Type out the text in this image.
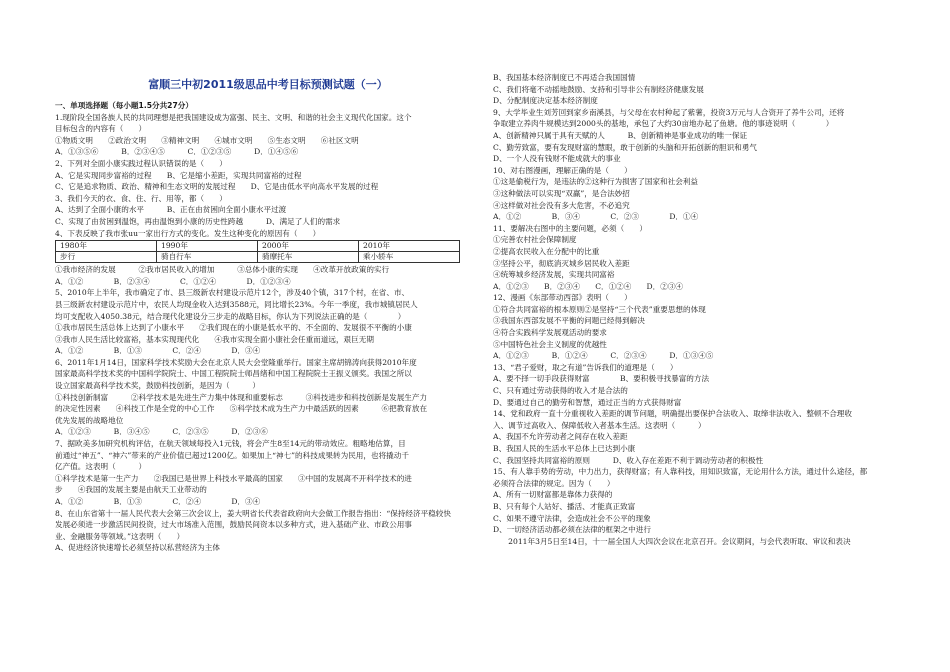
富顺三中初2011级思品中考目标预测试题（一）
一、单项选择题（每小题1.5分共27分）
1.现阶段全国各族人民的共同理想是把我国建设成为富强、民主、文明、和谐的社会主义现代化国家。这个
目标包含的内容有（　　）
①物质文明　　②政治文明　　③精神文明　　④城市文明　　⑤生态文明　　⑥社区文明
A．①③⑤⑥　　　B．②③④⑤　　　C．①②③⑤　　　D．①④⑤⑥
2、下列对全面小康实践过程认识错误的是（　　）
A、它是实现同步富裕的过程　　B、它是缩小差距，实现共同富裕的过程
C、它是追求物质、政治、精神和生态文明的发展过程　　D、它是由低水平向高水平发展的过程
3、我们今天的衣、食、住、行、用等，都（　　）
A、达到了全面小康的水平　　　B、正在由贫困向全面小康水平过渡
C、实现了由贫困到温饱，再由温饱到小康的历史性跨越　　　D、满足了人们的需求
4、下表反映了我市张uu一家出行方式的变化。发生这种变化的原因有（　　）
1980年	1990年	2000年	2010年
步行	骑自行车	骑摩托车	乘小轿车
①我市经济的发展　　　②我市居民收入的增加　　　③总体小康的实现　　④改革开放政策的实行
A．①②　　　　B．②③④　　　　C．①②④　　　　D．①②③④
5、2010年上半年，我市确定了市、县三级新农村建设示范片12个，涉及40个镇，317个村，在省、市、
县三级新农村建设示范片中，农民人均现金收入达到3588元，同比增长23%。今年一季度，我市城镇居民人
均可支配收入4050.38元，结合现代化建设分三步走的战略目标，你认为下列说法正确的是（　　　　）
①我市居民生活总体上达到了小康水平　　②我们现在的小康是低水平的、不全面的、发展很不平衡的小康
③我市人民生活比较富裕，基本实现现代化　　④我市实现全面小康社会任重而道远，艰巨无期
A．①②　　　　B．①③　　　　C．②④　　　　D．③④
6、2011年1月14日，国家科学技术奖励大会在北京人民大会堂隆重举行。国家主席胡锦涛向获得2010年度
国家最高科学技术奖的中国科学院院士、中国工程院院士师昌绪和中国工程院院士王振义颁奖。我国之所以
设立国家最高科学技术奖，鼓励科技创新，是因为（　　　）
①科技创新制富　　　②科学技术是先进生产力集中体现和重要标志　　　③科技进步和科技创新是发展生产力
的决定性因素　　④科技工作是全党的中心工作　　⑤科学技术成为生产力中最活跃的因素　　　⑥把教育放在
优先发展的战略地位
A．①②③　　　B．③④⑤　　　C．②③⑤　　　D．②③⑥
7、据欧美多加研究机构评估，在航天领域每投入1元钱，将会产生8至14元的带动效应。粗略地估算，目
前通过“神五”、“神六”带来的产业价值已超过1200亿。如果加上“神七”的科技成果转为民用，也将撬动千
亿产值。这表明（　　　）
①科学技术是第一生产力　　②我国已是世界上科技水平最高的国家　　③中国的发展离不开科学技术的进
步　　④我国的发展主要是由航天工业带动的
A．①②　　　　B．①③　　　　C．②④　　　　D．③④
8、在山东省第十一届人民代表大会第三次会议上，姜大明省长代表省政府向大会做工作报告指出：“保持经济平稳较快
发展必须进一步激活民间投资，过大市场准入范围，鼓励民间资本以多种方式，进入基础产业、市政公用事
业、金融服务等领域。”这表明（　　）
A、促进经济快速增长必须坚持以私营经济为主体
B、我国基本经济制度已不再适合我国国情
C、我们将毫不动摇地鼓励、支持和引导非公有制经济健康发展
D、分配制度决定基本经济制度
9、大学毕业生刘芳回到家乡南溪县，与父母在农村种起了紫薯，投资3万元与人合资开了养牛公司，还将
争取建立养肉牛规模达到2000头的基地，承包了大约30亩地办起了鱼塘。他的事迹说明（　　　　）
A、创新精神只属于具有天赋的人　　　B、创新精神是事业成功的唯一保证
C、勤劳致富，要有发现财富的慧眼，敢于创新的头脑和开拓创新的胆识和勇气
D、一个人没有钱财不能成就大的事业
10、对右图漫画，理解正确的是（　　）
①这是偷税行为，是违法的②这种行为损害了国家和社会利益
③这种做法可以实现“双赢”，是合法妙招
④这样做对社会没有多大危害，不必追究
A．①②　　　　B．③④　　　　C．②③　　　　D．①④
11、要解决右图中的主要问题，必须（　　）
①完善农村社会保障制度
②提高农民收入在分配中的比重
③坚持公平，彻底消灭城乡居民收入差距
④统筹城乡经济发展，实现共同富裕
A．①②③　　B．②③④　　C．①②④　　D．②③④
12、漫画《东部带动西部》表明（　　）
①符合共同富裕的根本原则②是坚持“三个代表”重要思想的体现
③我国东西部发展不平衡的问题已经得到解决
④符合实践科学发展观活动的要求
⑤中国特色社会主义制度的优越性
A．①②③　　　B．①②④　　　C．②③④　　　D．①③④⑤
13、“君子爱财，取之有道”告诉我们的道理是（　　）
A、要不择一切手段获得财富　　　　B、要积极寻找暴富的方法
C、只有通过劳动获得的收入才是合法的
D、要通过自己的勤劳和智慧，通过正当的方式获得财富
14、党和政府一直十分重视收入差距的调节问题，明确提出要保护合法收入、取缔非法收入、整顿不合理收
入、调节过高收入、保障低收入者基本生活。这表明（　　　）
A、我国不允许劳动者之间存在收入差距
B、我国人民的生活水平总体上已达到小康
C、我国坚持共同富裕的原则　　　D、收入存在差距不利于调动劳动者的积极性
15、有人靠手势的劳动，中力出力，获得财富；有人靠科技，用知识致富，无论用什么方法，通过什么途径，都
必须符合法律的规定。因为（　　）
A、所有一切财富都是靠体力获得的
B、只有每个人站好、播活、才能真正致富
C、如果不遵守法律，会造成社会不公平的现象
D、一切经济活动都必须在法律的框架之中进行
　　2011年3月5日至14日，十一届全国人大四次会议在北京召开。会议期间，与会代表听取、审议和表决
